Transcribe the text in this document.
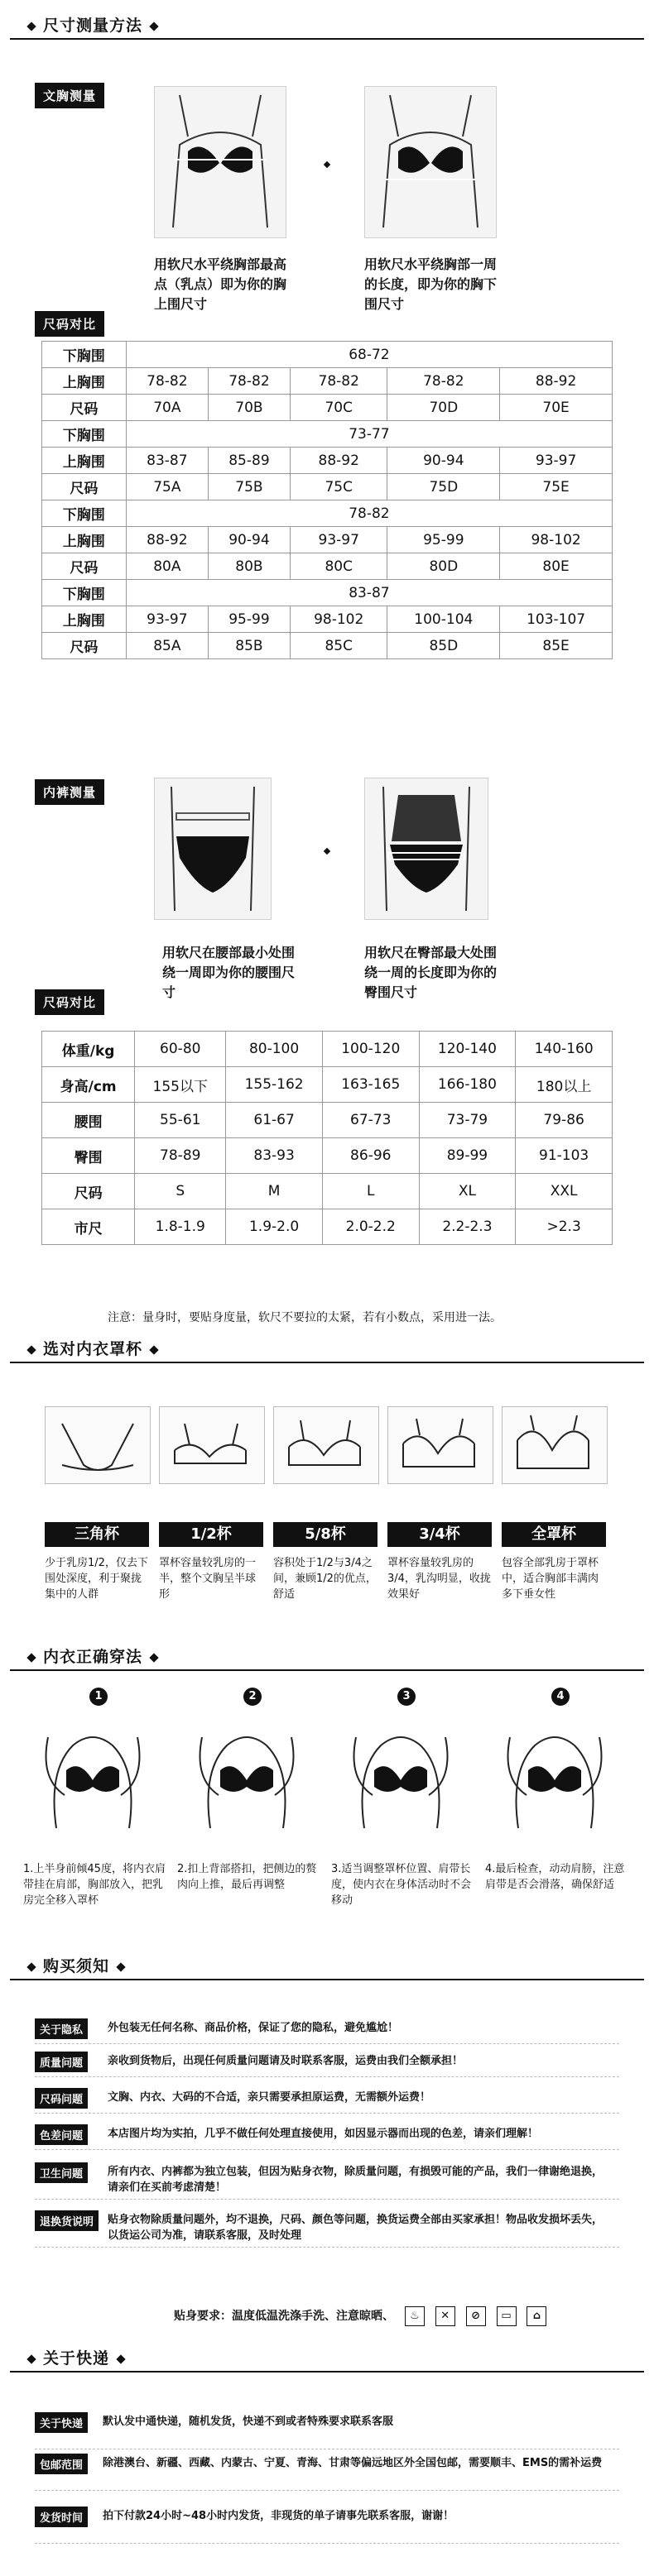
尺寸测量方法
文胸测量
用软尺水平绕胸部最高点（乳点）即为你的胸上围尺寸
用软尺水平绕胸部一周的长度，即为你的胸下围尺寸
尺码对比
下胸围	68-72				
上胸围	78-82	78-82	78-82	78-82	88-92
尺码	70A	70B	70C	70D	70E
下胸围	73-77				
上胸围	83-87	85-89	88-92	90-94	93-97
尺码	75A	75B	75C	75D	75E
下胸围	78-82				
上胸围	88-92	90-94	93-97	95-99	98-102
尺码	80A	80B	80C	80D	80E
下胸围	83-87				
上胸围	93-97	95-99	98-102	100-104	103-107
尺码	85A	85B	85C	85D	85E
内裤测量
用软尺在腰部最小处围绕一周即为你的腰围尺寸
用软尺在臀部最大处围绕一周的长度即为你的臀围尺寸
尺码对比
体重/kg	60-80	80-100	100-120	120-140	140-160
身高/cm	155以下	155-162	163-165	166-180	180以上
腰围	55-61	61-67	67-73	73-79	79-86
臀围	78-89	83-93	86-96	89-99	91-103
尺码	S	M	L	XL	XXL
市尺	1.8-1.9	1.9-2.0	2.0-2.2	2.2-2.3	>2.3
注意：量身时，要贴身度量，软尺不要拉的太紧，若有小数点，采用进一法。
选对内衣罩杯
三角杯
少于乳房1/2，仅去下围处深度，利于聚拢集中的人群
1/2杯
罩杯容量较乳房的一半，整个文胸呈半球形
5/8杯
容积处于1/2与3/4之间，兼顾1/2的优点，舒适
3/4杯
罩杯容量较乳房的3/4，乳沟明显，收拢效果好
全罩杯
包容全部乳房于罩杯中，适合胸部丰满肉多下垂女性
内衣正确穿法
1
1.上半身前倾45度，将内衣肩带挂在肩部，胸部放入，把乳房完全移入罩杯
2
2.扣上背部搭扣，把侧边的赘肉向上推，最后再调整
3
3.适当调整罩杯位置、肩带长度，使内衣在身体活动时不会移动
4
4.最后检查，动动肩膀，注意肩带是否会滑落，确保舒适
购买须知
关于隐私	外包装无任何名称、商品价格，保证了您的隐私，避免尴尬！
质量问题	亲收到货物后，出现任何质量问题请及时联系客服，运费由我们全额承担！
尺码问题	文胸、内衣、大码的不合适，亲只需要承担原运费，无需额外运费！
色差问题	本店图片均为实拍，几乎不做任何处理直接使用，如因显示器而出现的色差，请亲们理解！
卫生问题	所有内衣、内裤都为独立包装，但因为贴身衣物，除质量问题，有损毁可能的产品，我们一律谢绝退换，请亲们在买前考虑清楚！
退换货说明	贴身衣物除质量问题外，均不退换，尺码、颜色等问题，换货运费全部由买家承担！物品收发损坏丢失，以货运公司为准，请联系客服，及时处理
贴身要求：温度低温洗涤手洗、注意晾晒、 ♨ ✕ ⊘ ▭ ⌂
关于快递
关于快递	默认发中通快递，随机发货，快递不到或者特殊要求联系客服
包邮范围	除港澳台、新疆、西藏、内蒙古、宁夏、青海、甘肃等偏远地区外全国包邮，需要顺丰、EMS的需补运费
发货时间	拍下付款24小时~48小时内发货，非现货的单子请事先联系客服，谢谢！
